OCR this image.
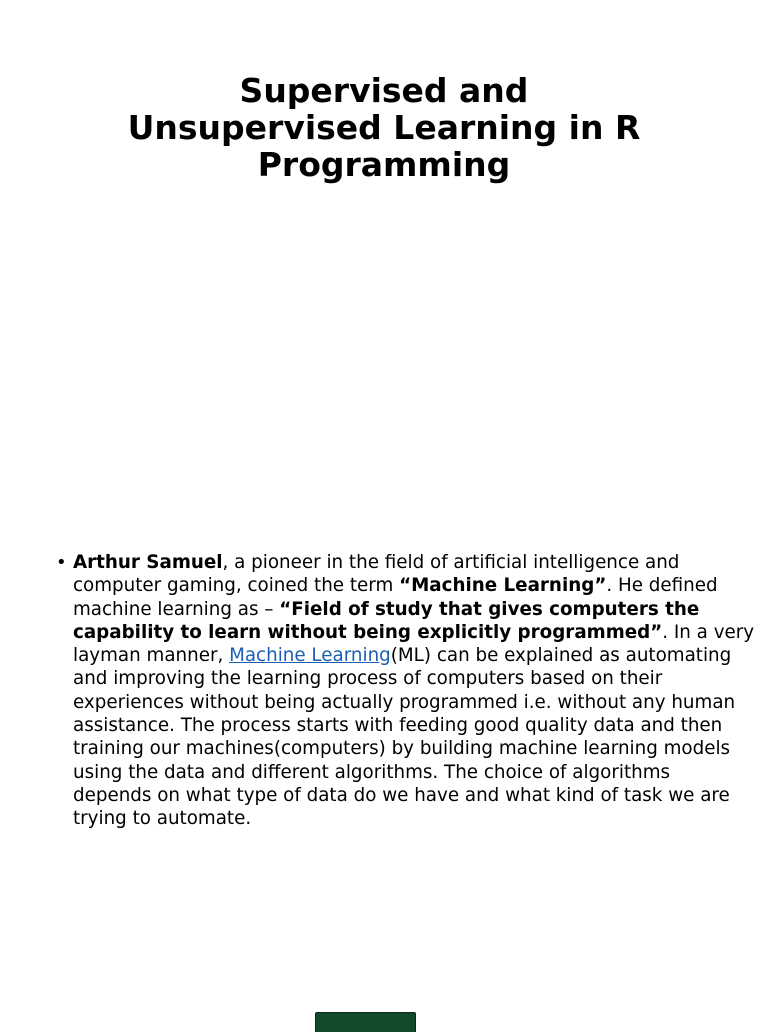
Supervised and
Unsupervised Learning in R
Programming
• Arthur Samuel, a pioneer in the field of artificial intelligence and
computer gaming, coined the term “Machine Learning”. He defined
machine learning as – “Field of study that gives computers the
capability to learn without being explicitly programmed”. In a very
layman manner, Machine Learning(ML) can be explained as automating
and improving the learning process of computers based on their
experiences without being actually programmed i.e. without any human
assistance. The process starts with feeding good quality data and then
training our machines(computers) by building machine learning models
using the data and different algorithms. The choice of algorithms
depends on what type of data do we have and what kind of task we are
trying to automate.
